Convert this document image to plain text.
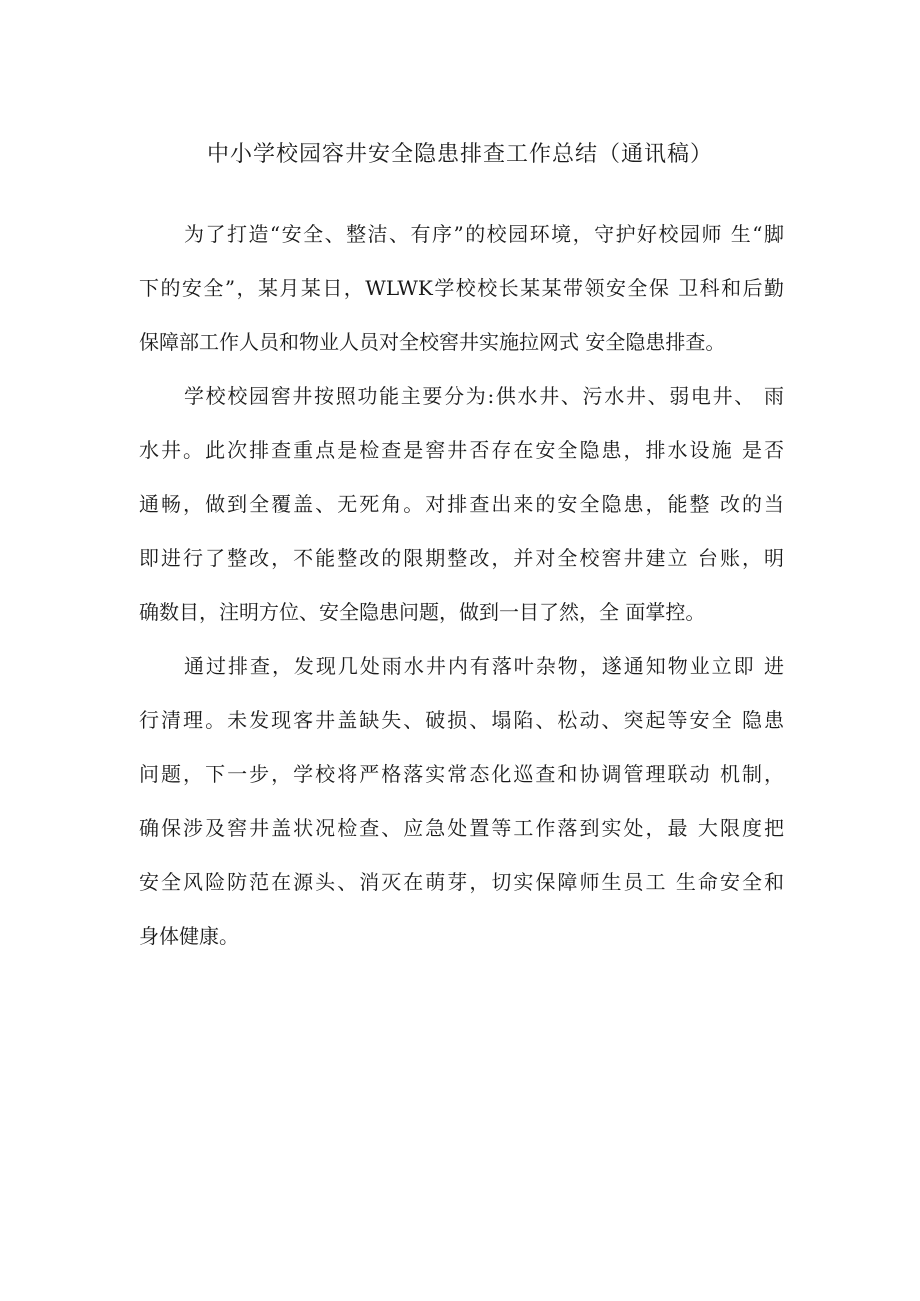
中小学校园容井安全隐患排查工作总结（通讯稿）
为了打造“安全、整洁、有序”的校园环境，守护好校园师 生“脚
下的安全”，某月某日，WLWK学校校长某某带领安全保 卫科和后勤
保障部工作人员和物业人员对全校窖井实施拉网式 安全隐患排查。
学校校园窖井按照功能主要分为:供水井、污水井、弱电井、 雨
水井。此次排查重点是检查是窖井否存在安全隐患，排水设施 是否
通畅，做到全覆盖、无死角。对排查出来的安全隐患，能整 改的当
即进行了整改，不能整改的限期整改，并对全校窖井建立 台账，明
确数目，注明方位、安全隐患问题，做到一目了然，全 面掌控。
通过排查，发现几处雨水井内有落叶杂物，遂通知物业立即 进
行清理。未发现客井盖缺失、破损、塌陷、松动、突起等安全 隐患
问题，下一步，学校将严格落实常态化巡查和协调管理联动 机制，
确保涉及窖井盖状况检查、应急处置等工作落到实处，最 大限度把
安全风险防范在源头、消灭在萌芽，切实保障师生员工 生命安全和
身体健康。
